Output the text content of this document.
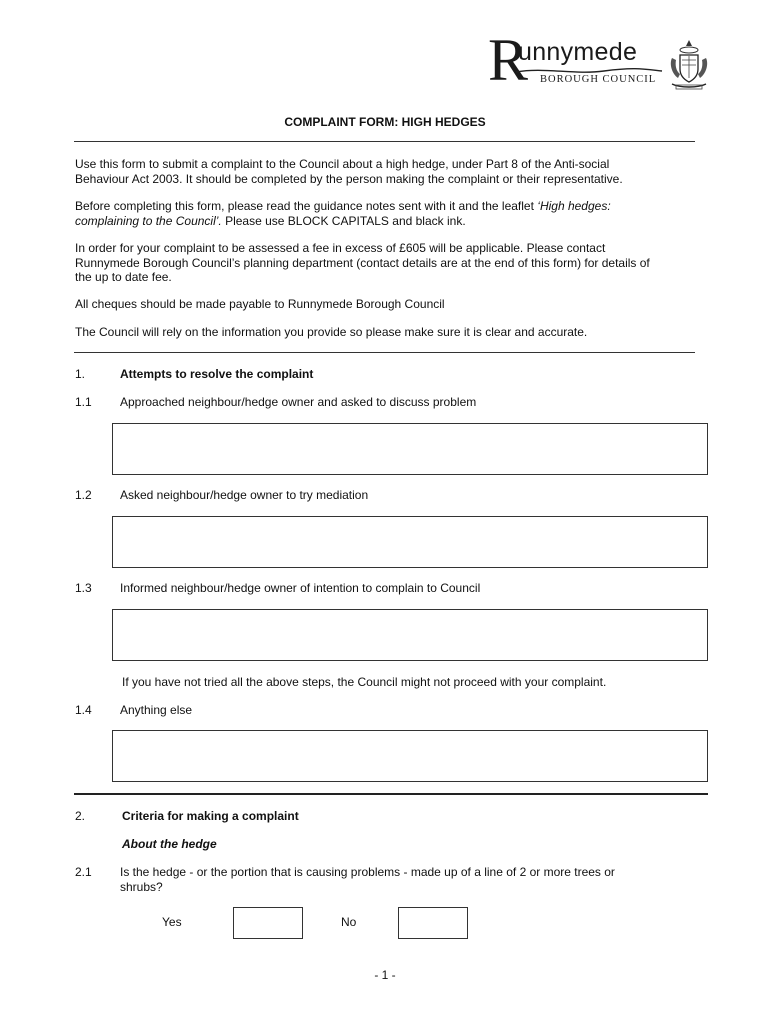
R
unnymede
BOROUGH COUNCIL
COMPLAINT FORM: HIGH HEDGES
Use this form to submit a complaint to the Council about a high hedge, under Part 8 of the Anti-social
Behaviour Act 2003. It should be completed by the person making the complaint or their representative.
Before completing this form, please read the guidance notes sent with it and the leaflet ‘High hedges:
complaining to the Council’. Please use BLOCK CAPITALS and black ink.
In order for your complaint to be assessed a fee in excess of £605 will be applicable. Please contact
Runnymede Borough Council’s planning department (contact details are at the end of this form) for details of
the up to date fee.
All cheques should be made payable to Runnymede Borough Council
The Council will rely on the information you provide so please make sure it is clear and accurate.
1.	Attempts to resolve the complaint
1.1 Approached neighbour/hedge owner and asked to discuss problem
1.2 Asked neighbour/hedge owner to try mediation
1.3 Informed neighbour/hedge owner of intention to complain to Council
If you have not tried all the above steps, the Council might not proceed with your complaint.
1.4 Anything else
2.	Criteria for making a complaint
About the hedge
2.1 Is the hedge - or the portion that is causing problems - made up of a line of 2 or more trees or
shrubs?
Yes	No
- 1 -
